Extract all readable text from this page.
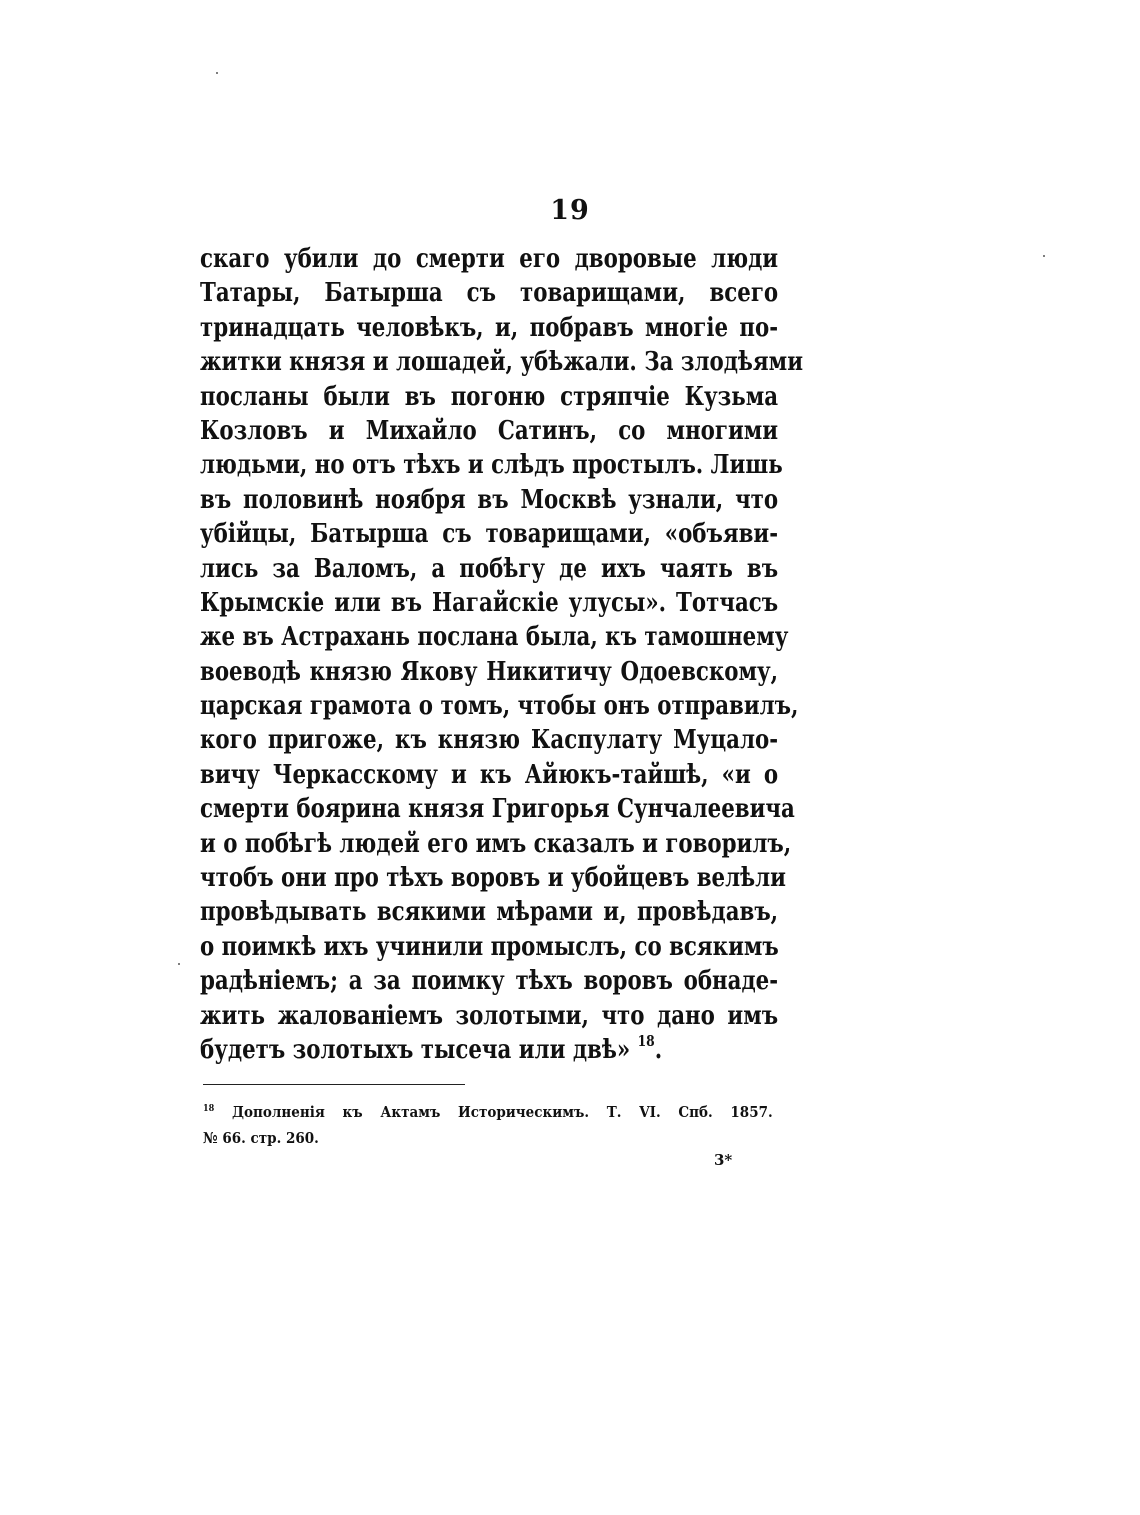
19
скаго убили до смерти его дворовые люди
Татары, Батырша съ товарищами, всего
тринадцать человѣкъ, и, побравъ многіе по-
житки князя и лошадей, убѣжали. За злодѣями
посланы были въ погоню стряпчіе Кузьма
Козловъ и Михайло Сатинъ, со многими
людьми, но отъ тѣхъ и слѣдъ простылъ. Лишь
въ половинѣ ноября въ Москвѣ узнали, что
убійцы, Батырша съ товарищами, «объяви-
лись за Валомъ, а побѣгу де ихъ чаять въ
Крымскіе или въ Нагайскіе улусы». Тотчасъ
же въ Астрахань послана была, къ тамошнему
воеводѣ князю Якову Никитичу Одоевскому,
царская грамота о томъ, чтобы онъ отправилъ,
кого пригоже, къ князю Каспулату Муцало-
вичу Черкасскому и къ Айюкъ-тайшѣ, «и о
смерти боярина князя Григорья Сунчалеевича
и о побѣгѣ людей его имъ сказалъ и говорилъ,
чтобъ они про тѣхъ воровъ и убойцевъ велѣли
провѣдывать всякими мѣрами и, провѣдавъ,
о поимкѣ ихъ учинили промыслъ, со всякимъ
радѣніемъ; а за поимку тѣхъ воровъ обнаде-
жить жалованіемъ золотыми, что дано имъ
будетъ золотыхъ тысеча или двѣ» $^{18}$.
$^{18}$ Дополненія къ Актамъ Историческимъ. Т. VI. Спб. 1857.
№ 66. стр. 260.
3*
